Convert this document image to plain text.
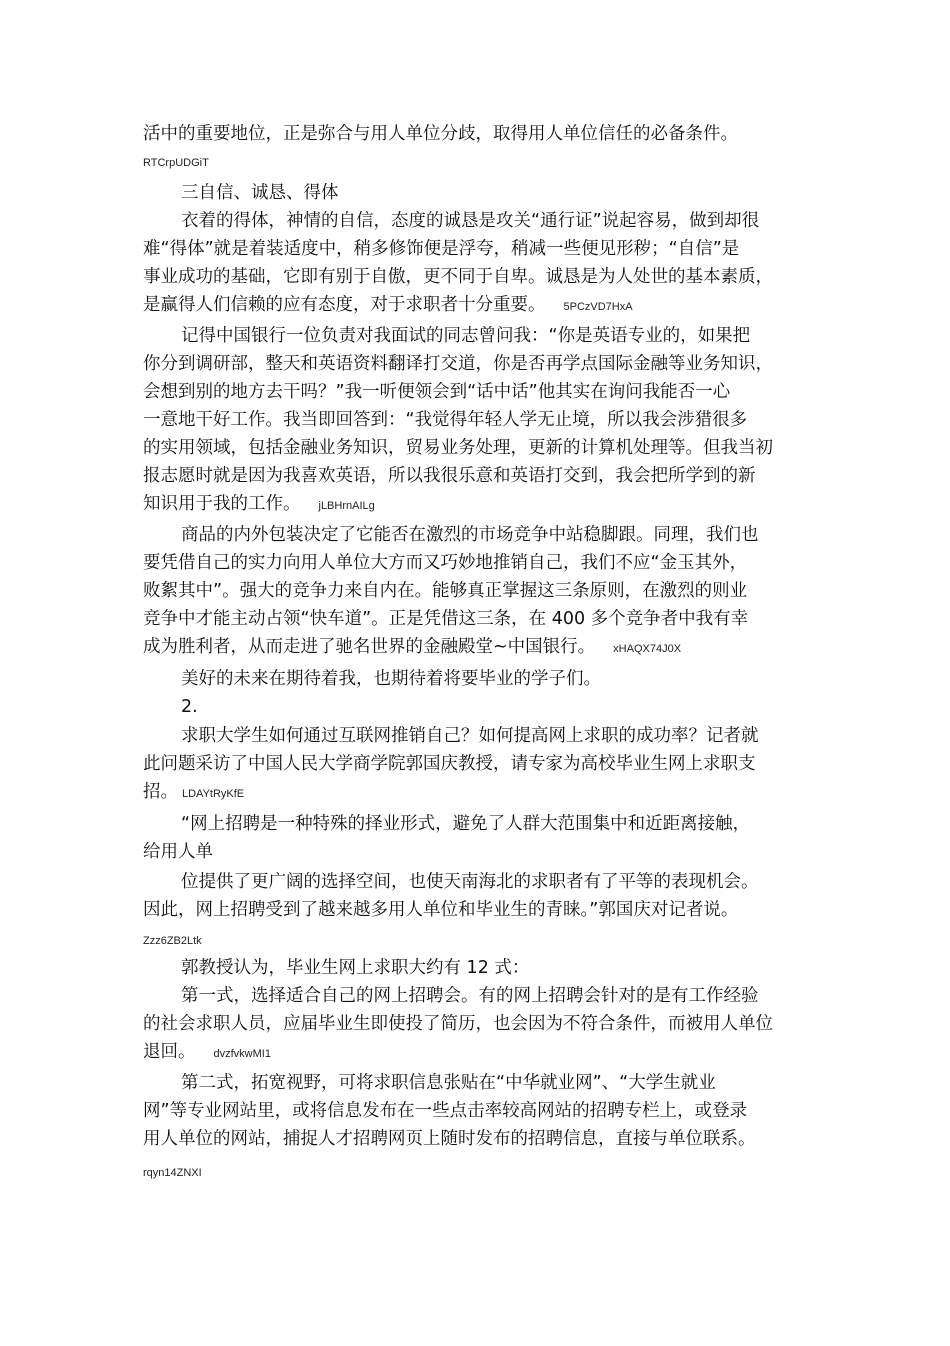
活中的重要地位，正是弥合与用人单位分歧，取得用人单位信任的必备条件。
RTCrpUDGiT
三自信、诚恳、得体
衣着的得体，神情的自信，态度的诚恳是攻关“通行证”说起容易，做到却很
难“得体”就是着装适度中，稍多修饰便是浮夸，稍减一些便见形秽；“自信”是
事业成功的基础，它即有别于自傲，更不同于自卑。诚恳是为人处世的基本素质，
是赢得人们信赖的应有态度，对于求职者十分重要。 5PCzVD7HxA
记得中国银行一位负责对我面试的同志曾问我：“你是英语专业的，如果把
你分到调研部，整天和英语资料翻译打交道，你是否再学点国际金融等业务知识，
会想到别的地方去干吗？”我一听便领会到“话中话”他其实在询问我能否一心
一意地干好工作。我当即回答到：“我觉得年轻人学无止境，所以我会涉猎很多
的实用领域，包括金融业务知识，贸易业务处理，更新的计算机处理等。但我当初
报志愿时就是因为我喜欢英语，所以我很乐意和英语打交到，我会把所学到的新
知识用于我的工作。 jLBHrnAILg
商品的内外包装决定了它能否在激烈的市场竞争中站稳脚跟。同理，我们也
要凭借自己的实力向用人单位大方而又巧妙地推销自己，我们不应“金玉其外，
败絮其中”。强大的竞争力来自内在。能够真正掌握这三条原则，在激烈的则业
竞争中才能主动占领“快车道”。正是凭借这三条，在 400 多个竞争者中我有幸
成为胜利者，从而走进了驰名世界的金融殿堂~中国银行。 xHAQX74J0X
美好的未来在期待着我，也期待着将要毕业的学子们。
2.
求职大学生如何通过互联网推销自己？如何提高网上求职的成功率？记者就
此问题采访了中国人民大学商学院郭国庆教授，请专家为高校毕业生网上求职支
招。 LDAYtRyKfE
“网上招聘是一种特殊的择业形式，避免了人群大范围集中和近距离接触，
给用人单
位提供了更广阔的选择空间，也使天南海北的求职者有了平等的表现机会。
因此，网上招聘受到了越来越多用人单位和毕业生的青睐。”郭国庆对记者说。
Zzz6ZB2Ltk
郭教授认为，毕业生网上求职大约有 12 式：
第一式，选择适合自己的网上招聘会。有的网上招聘会针对的是有工作经验
的社会求职人员，应届毕业生即使投了简历，也会因为不符合条件，而被用人单位
退回。 dvzfvkwMI1
第二式，拓宽视野，可将求职信息张贴在“中华就业网”、“大学生就业
网”等专业网站里，或将信息发布在一些点击率较高网站的招聘专栏上，或登录
用人单位的网站，捕捉人才招聘网页上随时发布的招聘信息，直接与单位联系。
rqyn14ZNXI
